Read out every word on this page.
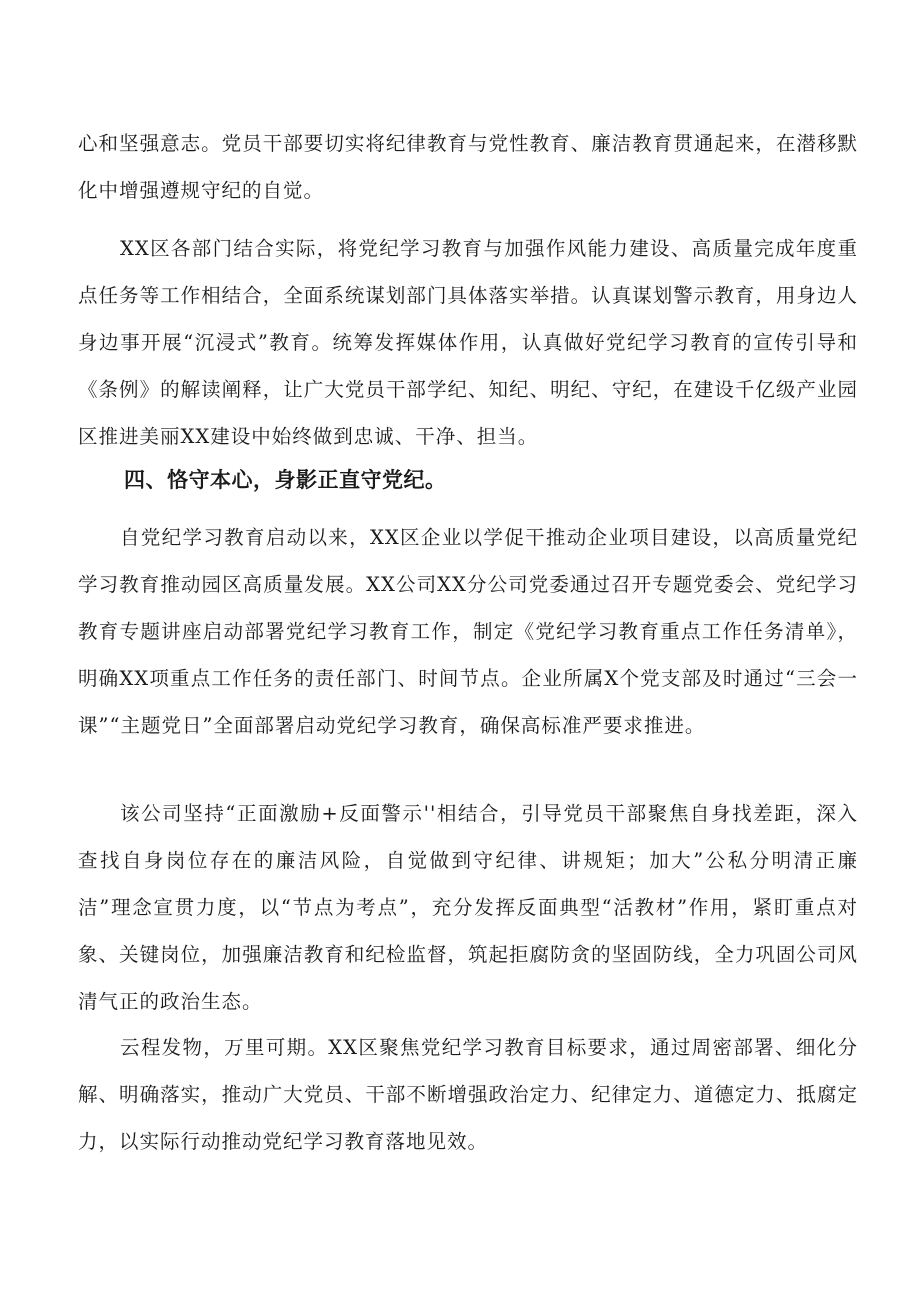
心和坚强意志。党员干部要切实将纪律教育与党性教育、廉洁教育贯通起来，在潜移默化中增强遵规守纪的自觉。

XX区各部门结合实际，将党纪学习教育与加强作风能力建设、高质量完成年度重点任务等工作相结合，全面系统谋划部门具体落实举措。认真谋划警示教育，用身边人身边事开展“沉浸式”教育。统筹发挥媒体作用，认真做好党纪学习教育的宣传引导和《条例》的解读阐释，让广大党员干部学纪、知纪、明纪、守纪，在建设千亿级产业园区推进美丽XX建设中始终做到忠诚、干净、担当。

四、恪守本心，身影正直守党纪。

自党纪学习教育启动以来，XX区企业以学促干推动企业项目建设，以高质量党纪学习教育推动园区高质量发展。XX公司XX分公司党委通过召开专题党委会、党纪学习教育专题讲座启动部署党纪学习教育工作，制定《党纪学习教育重点工作任务清单》，明确XX项重点工作任务的责任部门、时间节点。企业所属X个党支部及时通过“三会一课”“主题党日”全面部署启动党纪学习教育，确保高标准严要求推进。

该公司坚持“正面激励+反面警示''相结合，引导党员干部聚焦自身找差距，深入查找自身岗位存在的廉洁风险，自觉做到守纪律、讲规矩；加大”公私分明清正廉洁”理念宣贯力度，以“节点为考点”，充分发挥反面典型“活教材”作用，紧盯重点对象、关键岗位，加强廉洁教育和纪检监督，筑起拒腐防贪的坚固防线，全力巩固公司风清气正的政治生态。

云程发物，万里可期。XX区聚焦党纪学习教育目标要求，通过周密部署、细化分解、明确落实，推动广大党员、干部不断增强政治定力、纪律定力、道德定力、抵腐定力，以实际行动推动党纪学习教育落地见效。
